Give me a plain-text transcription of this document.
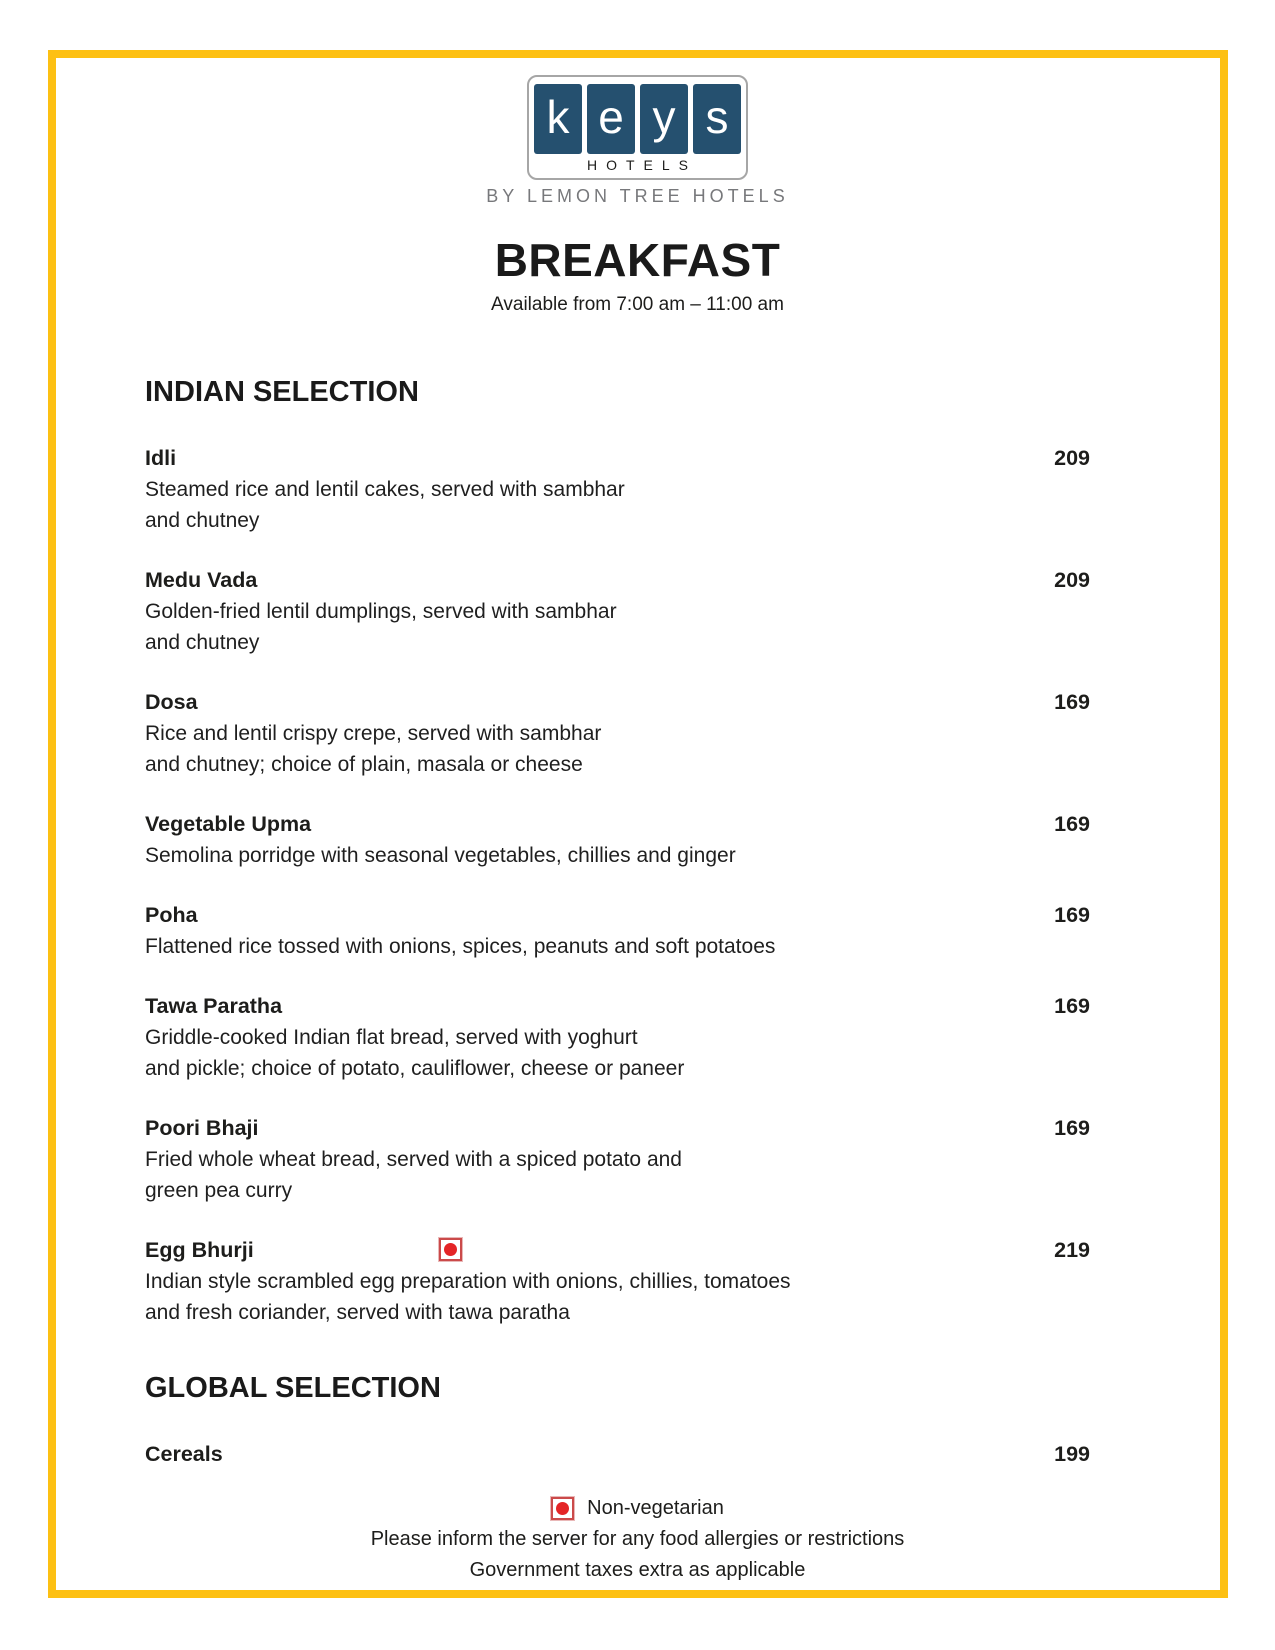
k e y s
HOTELS
BY LEMON TREE HOTELS
BREAKFAST
Available from 7:00 am – 11:00 am
INDIAN SELECTION
Idli	209
Steamed rice and lentil cakes, served with sambhar
and chutney
Medu Vada	209
Golden-fried lentil dumplings, served with sambhar
and chutney
Dosa	169
Rice and lentil crispy crepe, served with sambhar
and chutney; choice of plain, masala or cheese
Vegetable Upma	169
Semolina porridge with seasonal vegetables, chillies and ginger
Poha	169
Flattened rice tossed with onions, spices, peanuts and soft potatoes
Tawa Paratha	169
Griddle-cooked Indian flat bread, served with yoghurt
and pickle; choice of potato, cauliflower, cheese or paneer
Poori Bhaji	169
Fried whole wheat bread, served with a spiced potato and
green pea curry
Egg Bhurji	219
Indian style scrambled egg preparation with onions, chillies, tomatoes
and fresh coriander, served with tawa paratha
GLOBAL SELECTION
Cereals	199
Non-vegetarian
Please inform the server for any food allergies or restrictions
Government taxes extra as applicable
